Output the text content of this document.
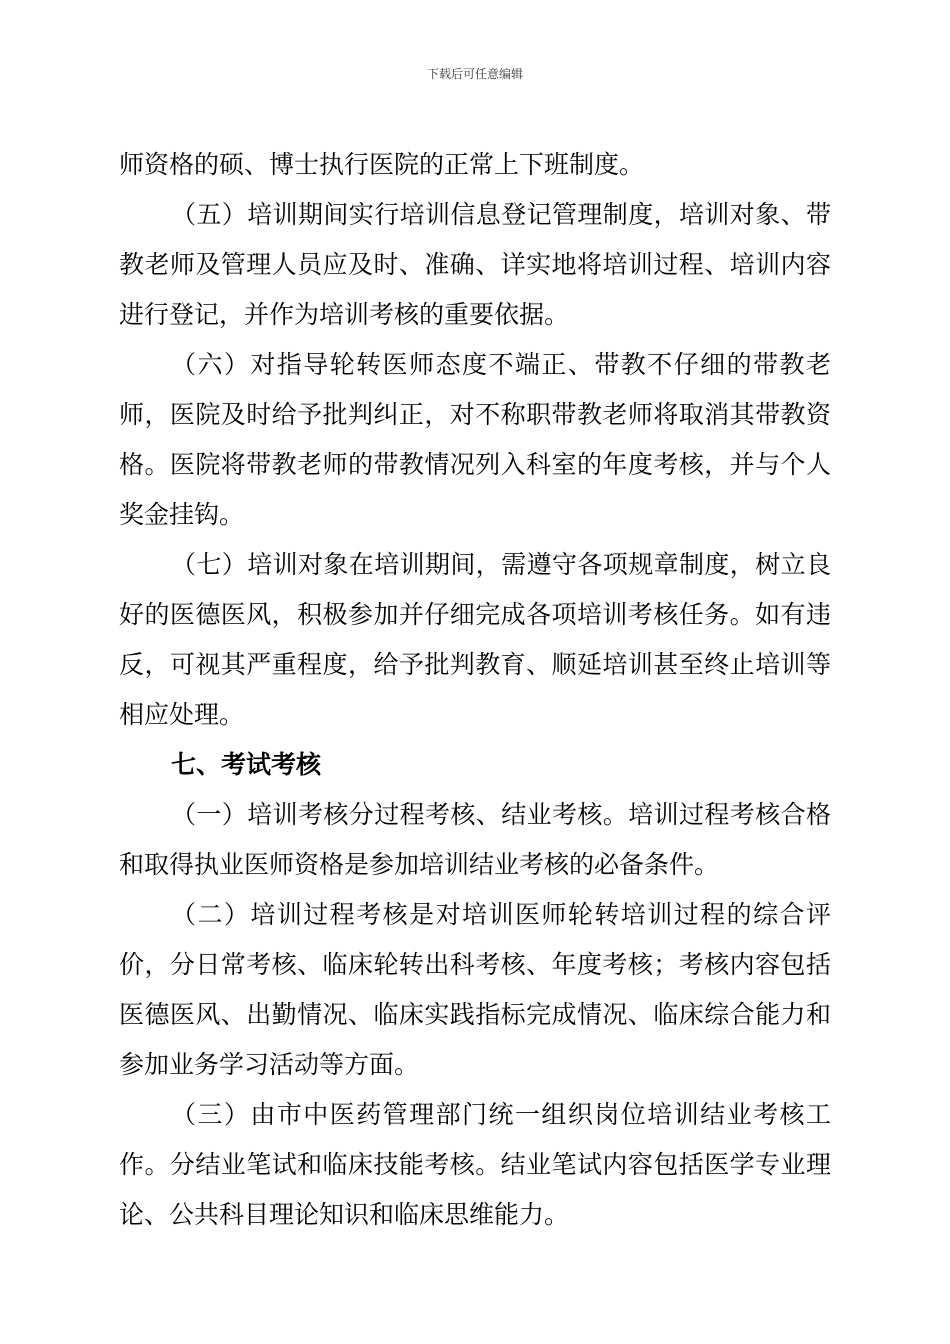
下载后可任意编辑

师资格的硕、博士执行医院的正常上下班制度。

（五）培训期间实行培训信息登记管理制度，培训对象、带教老师及管理人员应及时、准确、详实地将培训过程、培训内容进行登记，并作为培训考核的重要依据。

（六）对指导轮转医师态度不端正、带教不仔细的带教老师，医院及时给予批判纠正，对不称职带教老师将取消其带教资格。医院将带教老师的带教情况列入科室的年度考核，并与个人奖金挂钩。

（七）培训对象在培训期间，需遵守各项规章制度，树立良好的医德医风，积极参加并仔细完成各项培训考核任务。如有违反，可视其严重程度，给予批判教育、顺延培训甚至终止培训等相应处理。

七、考试考核

（一）培训考核分过程考核、结业考核。培训过程考核合格和取得执业医师资格是参加培训结业考核的必备条件。

（二）培训过程考核是对培训医师轮转培训过程的综合评价，分日常考核、临床轮转出科考核、年度考核；考核内容包括医德医风、出勤情况、临床实践指标完成情况、临床综合能力和参加业务学习活动等方面。

（三）由市中医药管理部门统一组织岗位培训结业考核工作。分结业笔试和临床技能考核。结业笔试内容包括医学专业理论、公共科目理论知识和临床思维能力。
